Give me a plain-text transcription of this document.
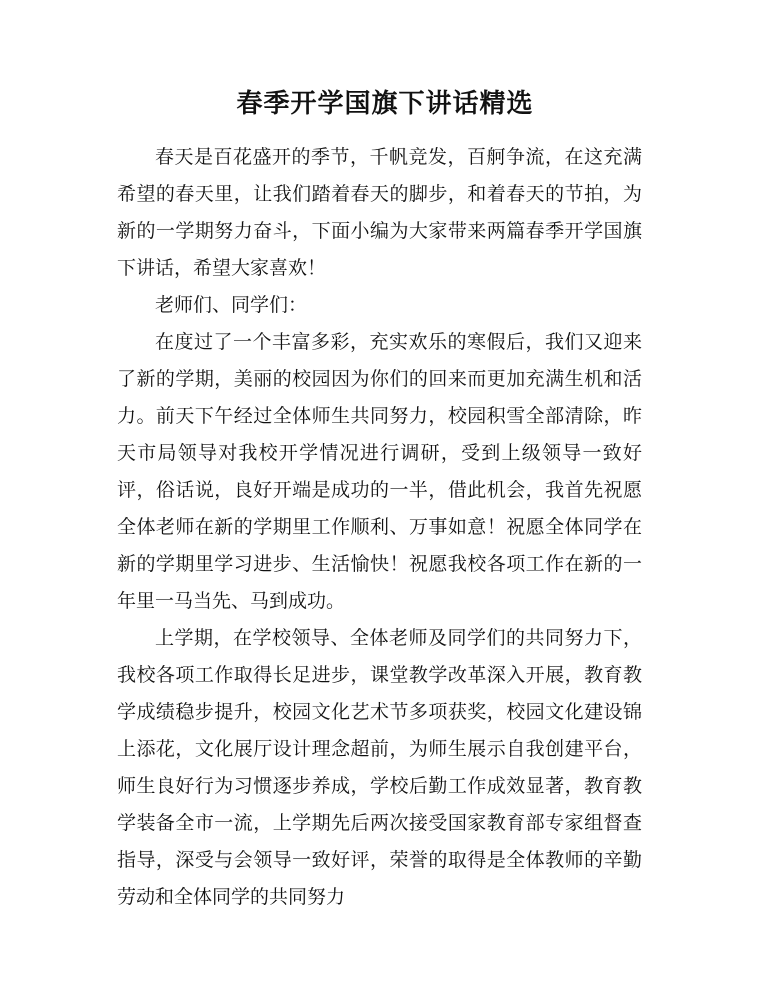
春季开学国旗下讲话精选

春天是百花盛开的季节，千帆竞发，百舸争流，在这充满希望的春天里，让我们踏着春天的脚步，和着春天的节拍，为新的一学期努力奋斗，下面小编为大家带来两篇春季开学国旗下讲话，希望大家喜欢！

老师们、同学们：

在度过了一个丰富多彩，充实欢乐的寒假后，我们又迎来了新的学期，美丽的校园因为你们的回来而更加充满生机和活力。前天下午经过全体师生共同努力，校园积雪全部清除，昨天市局领导对我校开学情况进行调研，受到上级领导一致好评，俗话说，良好开端是成功的一半，借此机会，我首先祝愿全体老师在新的学期里工作顺利、万事如意！祝愿全体同学在新的学期里学习进步、生活愉快！祝愿我校各项工作在新的一年里一马当先、马到成功。

上学期，在学校领导、全体老师及同学们的共同努力下，我校各项工作取得长足进步，课堂教学改革深入开展，教育教学成绩稳步提升，校园文化艺术节多项获奖，校园文化建设锦上添花，文化展厅设计理念超前，为师生展示自我创建平台，师生良好行为习惯逐步养成，学校后勤工作成效显著，教育教学装备全市一流，上学期先后两次接受国家教育部专家组督查指导，深受与会领导一致好评，荣誉的取得是全体教师的辛勤劳动和全体同学的共同努力
